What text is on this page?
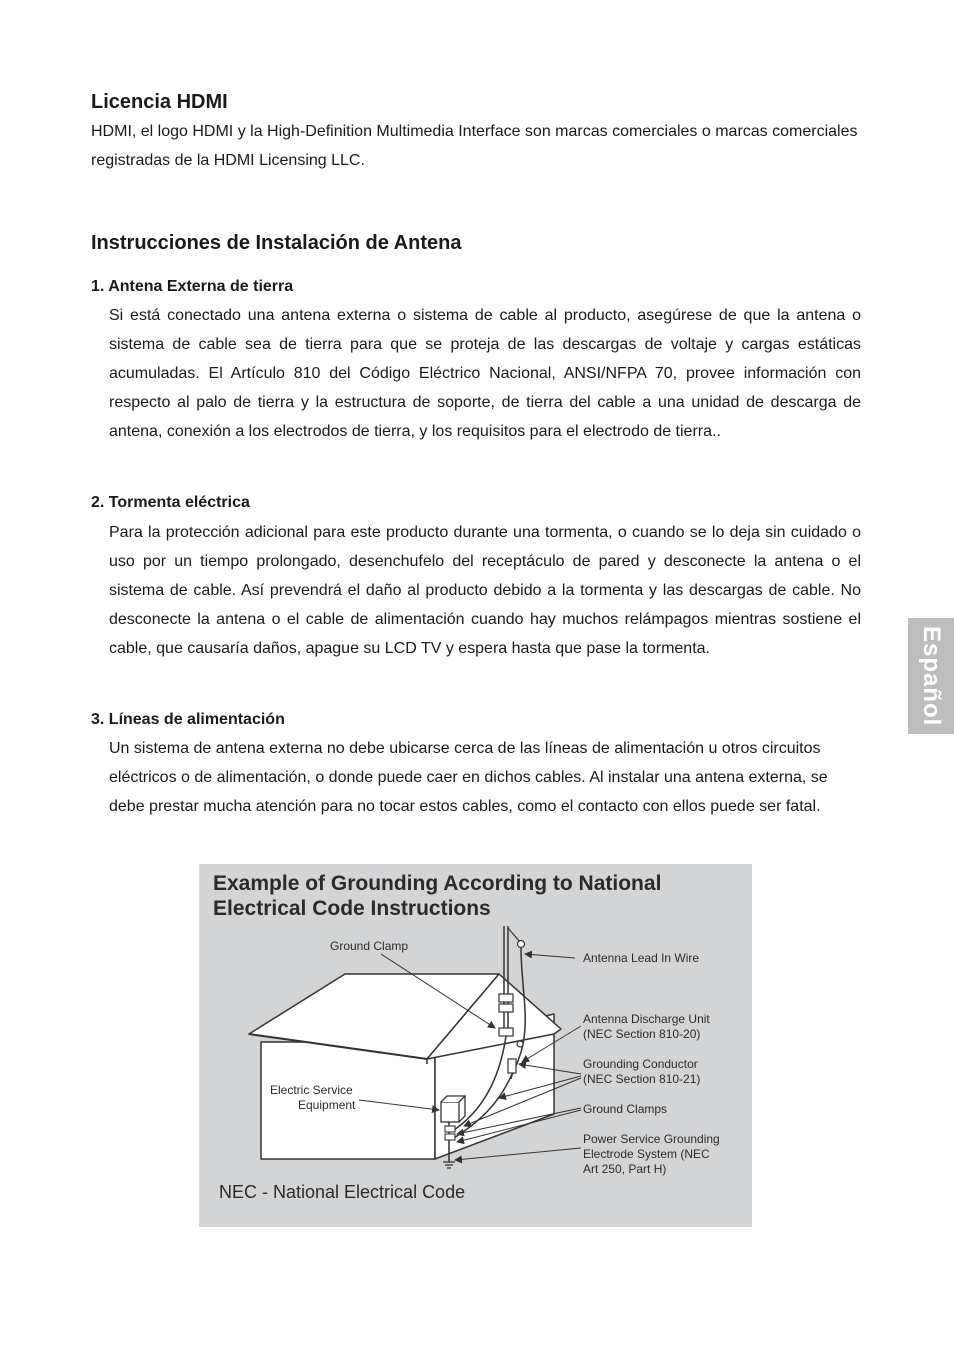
Licencia HDMI

HDMI, el logo HDMI y la High-Definition Multimedia Interface son marcas comerciales o marcas comerciales registradas de la HDMI Licensing LLC.

Instrucciones de Instalación de Antena
1. Antena Externa de tierra

Si está conectado una antena externa o sistema de cable al producto, asegúrese de que la antena o sistema de cable sea de tierra para que se proteja de las descargas de voltaje y cargas estáticas acumuladas. El Artículo 810 del Código Eléctrico Nacional, ANSI/NFPA 70, provee información con respecto al palo de tierra y la estructura de soporte, de tierra del cable a una unidad de descarga de antena, conexión a los electrodos de tierra, y los requisitos para el electrodo de tierra..

2. Tormenta eléctrica

Para la protección adicional para este producto durante una tormenta, o cuando se lo deja sin cuidado o uso por un tiempo prolongado, desenchufelo del receptáculo de pared y desconecte la antena o el sistema de cable. Así prevendrá el daño al producto debido a la tormenta y las descargas de cable. No desconecte la antena o el cable de alimentación cuando hay muchos relámpagos mientras sostiene el cable, que causaría daños, apague su LCD TV y espera hasta que pase la tormenta.

3. Líneas de alimentación

Un sistema de antena externa no debe ubicarse cerca de las líneas de alimentación u otros circuitos eléctricos o de alimentación, o donde puede caer en dichos cables. Al instalar una antena externa, se debe prestar mucha atención para no tocar estos cables, como el contacto con ellos puede ser fatal.

Español

Example of Grounding According to National Electrical Code Instructions

Ground Clamp

Antenna Lead In Wire

Antenna Discharge Unit

(NEC Section 810-20)

Grounding Conductor

(NEC Section 810-21)

Ground Clamps

Power Service Grounding

Electrode System (NEC

Art 250, Part H)

Electric Service

Equipment

NEC - National Electrical Code
